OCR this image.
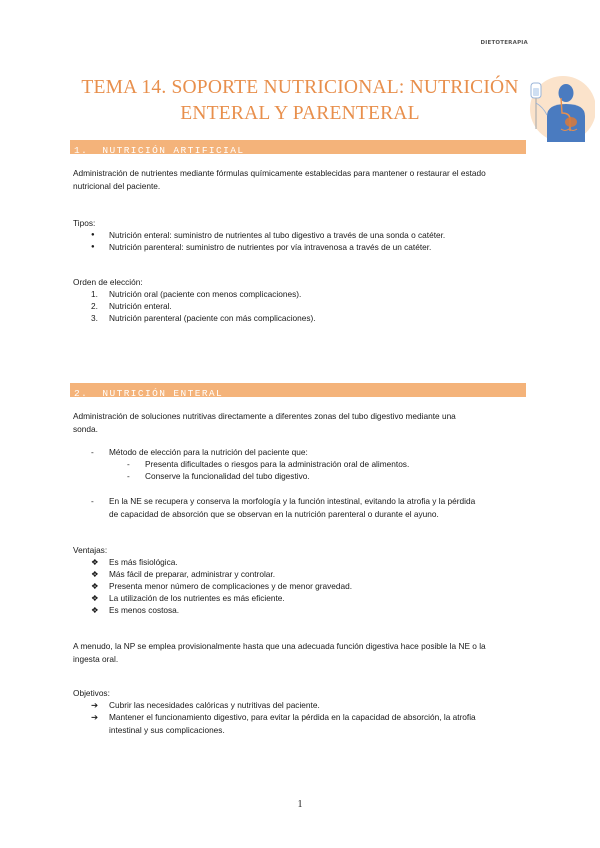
DIETOTERAPIA
TEMA 14. SOPORTE NUTRICIONAL: NUTRICIÓN
ENTERAL Y PARENTERAL
1.  NUTRICIÓN ARTIFICIAL
Administración de nutrientes mediante fórmulas químicamente establecidas para mantener o restaurar el estado
nutricional del paciente.
Tipos:
● Nutrición enteral: suministro de nutrientes al tubo digestivo a través de una sonda o catéter.
● Nutrición parenteral: suministro de nutrientes por vía intravenosa a través de un catéter.
Orden de elección:
1. Nutrición oral (paciente con menos complicaciones).
2. Nutrición enteral.
3. Nutrición parenteral (paciente con más complicaciones).
2.  NUTRICIÓN ENTERAL
Administración de soluciones nutritivas directamente a diferentes zonas del tubo digestivo mediante una
sonda.
- Método de elección para la nutrición del paciente que:
- Presenta dificultades o riesgos para la administración oral de alimentos.
- Conserve la funcionalidad del tubo digestivo.
- En la NE se recupera y conserva la morfología y la función intestinal, evitando la atrofia y la pérdida
de capacidad de absorción que se observan en la nutrición parenteral o durante el ayuno.
Ventajas:
❖ Es más fisiológica.
❖ Más fácil de preparar, administrar y controlar.
❖ Presenta menor número de complicaciones y de menor gravedad.
❖ La utilización de los nutrientes es más eficiente.
❖ Es menos costosa.
A menudo, la NP se emplea provisionalmente hasta que una adecuada función digestiva hace posible la NE o la
ingesta oral.
Objetivos:
➔ Cubrir las necesidades calóricas y nutritivas del paciente.
➔ Mantener el funcionamiento digestivo, para evitar la pérdida en la capacidad de absorción, la atrofia
intestinal y sus complicaciones.
1
